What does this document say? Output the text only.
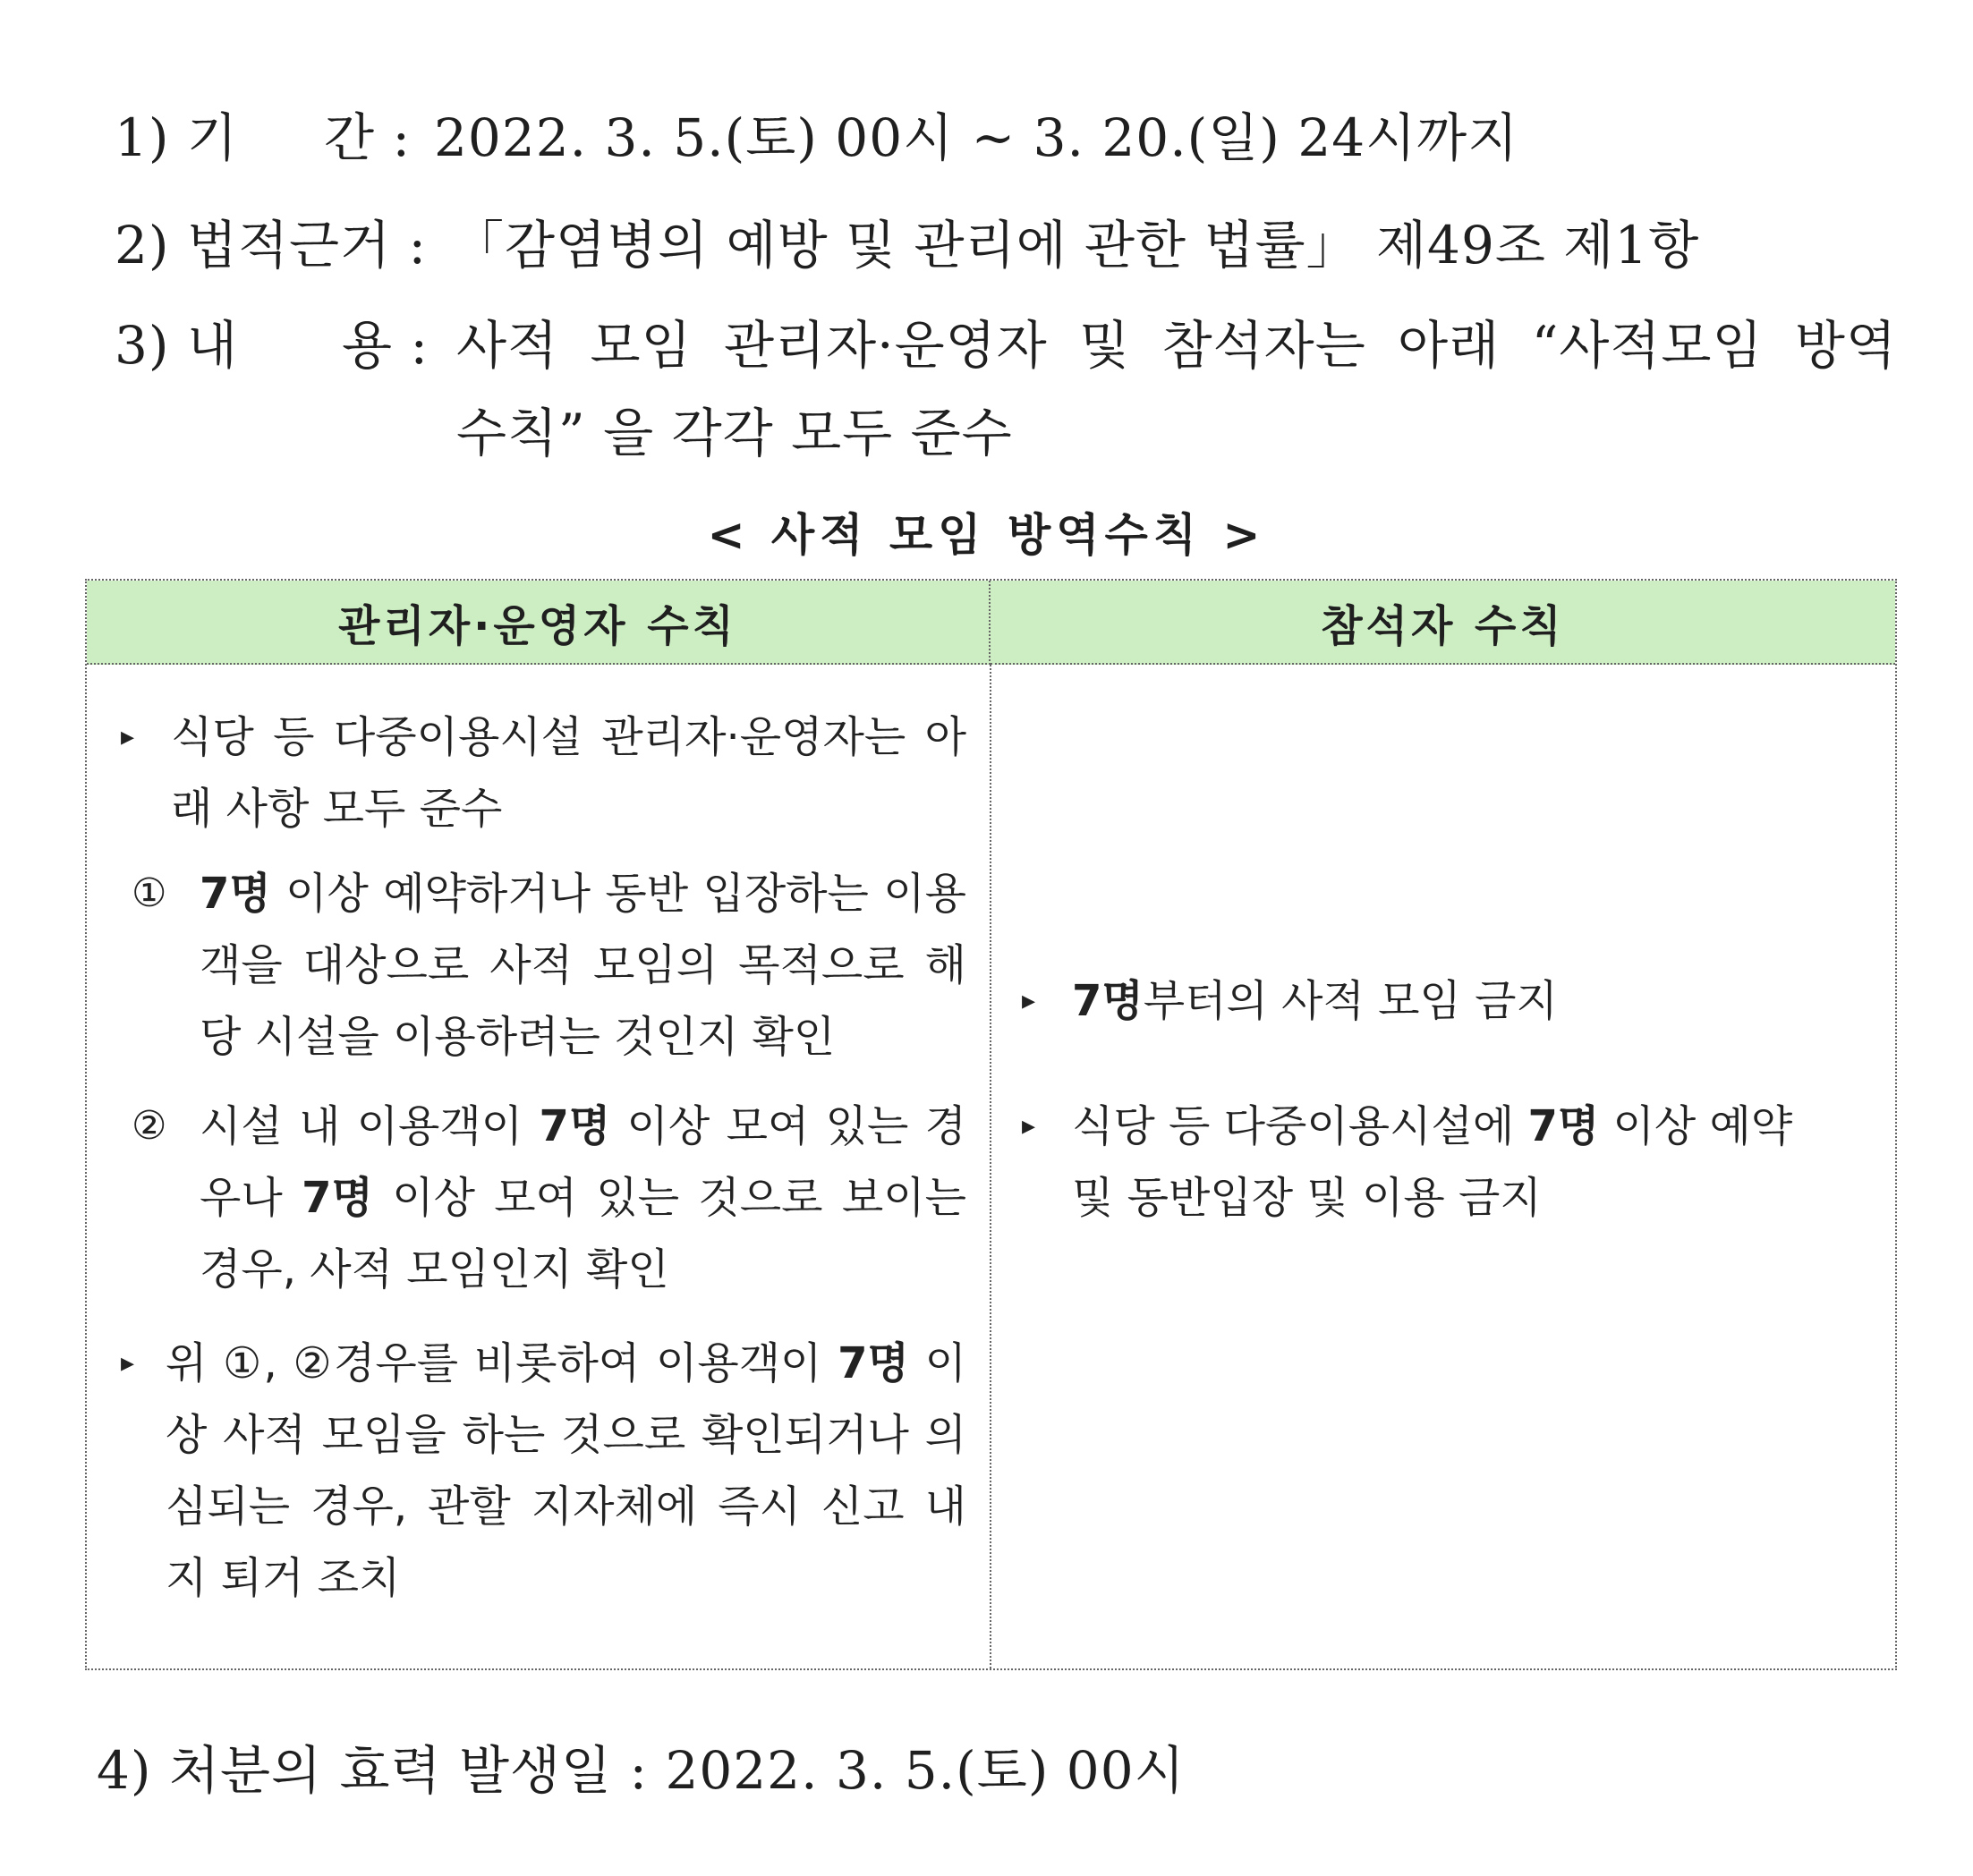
1) 기 간 : 2022. 3. 5.(토) 00시 ~ 3. 20.(일) 24시까지
2) 법적근거 : 「감염병의 예방 및 관리에 관한 법률」 제49조 제1항
3) 내 용 : 사적 모임 관리자·운영자 및 참석자는 아래 “사적모임 방역
수칙” 을 각각 모두 준수
< 사적 모임 방역수칙 >
관리자·운영자 수칙	참석자 수칙
▸ 식당 등 다중이용시설 관리자·운영자는 아래 사항 모두 준수
① 7명 이상 예약하거나 동반 입장하는 이용객을 대상으로 사적 모임의 목적으로 해당 시설을 이용하려는 것인지 확인
② 시설 내 이용객이 7명 이상 모여 있는 경우나 7명 이상 모여 있는 것으로 보이는 경우, 사적 모임인지 확인
▸ 위 ①, ②경우를 비롯하여 이용객이 7명 이상 사적 모임을 하는 것으로 확인되거나 의심되는 경우, 관할 지자체에 즉시 신고 내지 퇴거 조치
▸ 7명부터의 사적 모임 금지
▸ 식당 등 다중이용시설에 7명 이상 예약 및 동반입장 및 이용 금지
4) 처분의 효력 발생일 : 2022. 3. 5.(토) 00시
